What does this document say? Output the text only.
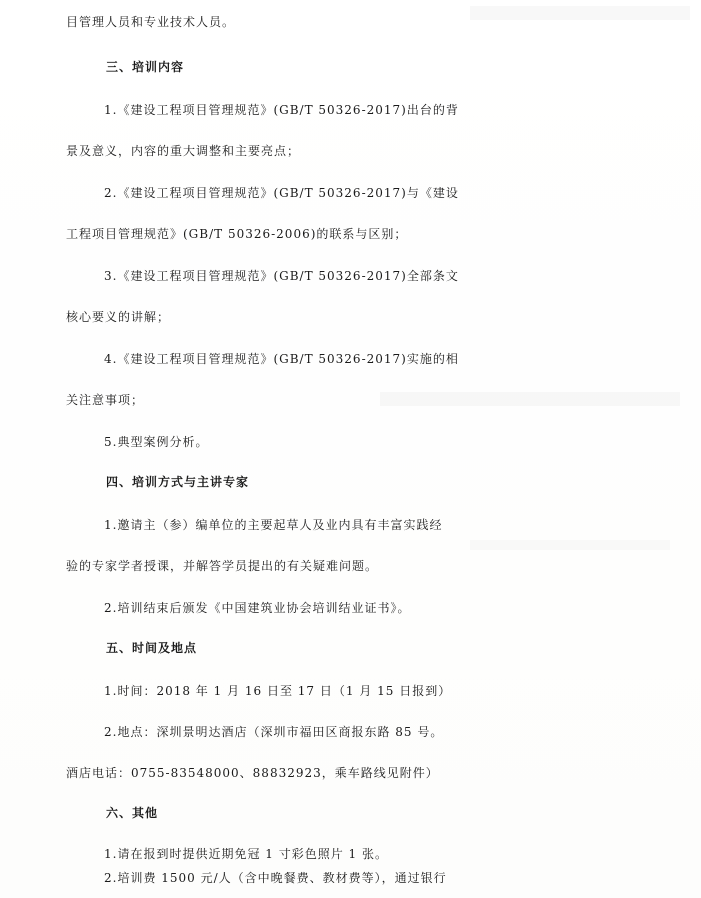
目管理人员和专业技术人员。
三、培训内容
1.《建设工程项目管理规范》(GB/T 50326-2017)出台的背
景及意义，内容的重大调整和主要亮点；
2.《建设工程项目管理规范》(GB/T 50326-2017)与《建设
工程项目管理规范》(GB/T 50326-2006)的联系与区别；
3.《建设工程项目管理规范》(GB/T 50326-2017)全部条文
核心要义的讲解；
4.《建设工程项目管理规范》(GB/T 50326-2017)实施的相
关注意事项；
5.典型案例分析。
四、培训方式与主讲专家
1.邀请主（参）编单位的主要起草人及业内具有丰富实践经
验的专家学者授课，并解答学员提出的有关疑难问题。
2.培训结束后颁发《中国建筑业协会培训结业证书》。
五、时间及地点
1.时间：2018 年 1 月 16 日至 17 日（1 月 15 日报到）
2.地点：深圳景明达酒店（深圳市福田区商报东路 85 号。
酒店电话：0755-83548000、88832923，乘车路线见附件）
六、其他
1.请在报到时提供近期免冠 1 寸彩色照片 1 张。
2.培训费 1500 元/人（含中晚餐费、教材费等），通过银行
